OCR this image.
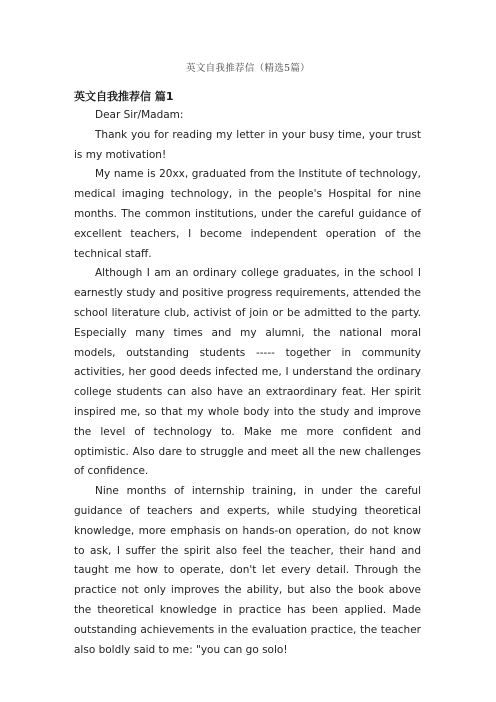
英文自我推荐信（精选5篇）
英文自我推荐信 篇1

Dear Sir/Madam:

Thank you for reading my letter in your busy time, your trust is my motivation!

My name is 20xx, graduated from the Institute of technology, medical imaging technology, in the people's Hospital for nine months. The common institutions, under the careful guidance of excellent teachers, I become independent operation of the technical staff.

Although I am an ordinary college graduates, in the school I earnestly study and positive progress requirements, attended the school literature club, activist of join or be admitted to the party. Especially many times and my alumni, the national moral models, outstanding students ----- together in community activities, her good deeds infected me, I understand the ordinary college students can also have an extraordinary feat. Her spirit inspired me, so that my whole body into the study and improve the level of technology to. Make me more confident and optimistic. Also dare to struggle and meet all the new challenges of confidence.

Nine months of internship training, in under the careful guidance of teachers and experts, while studying theoretical knowledge, more emphasis on hands-on operation, do not know to ask, I suffer the spirit also feel the teacher, their hand and taught me how to operate, don't let every detail. Through the practice not only improves the ability, but also the book above the theoretical knowledge in practice has been applied. Made outstanding achievements in the evaluation practice, the teacher also boldly said to me: "you can go solo!
